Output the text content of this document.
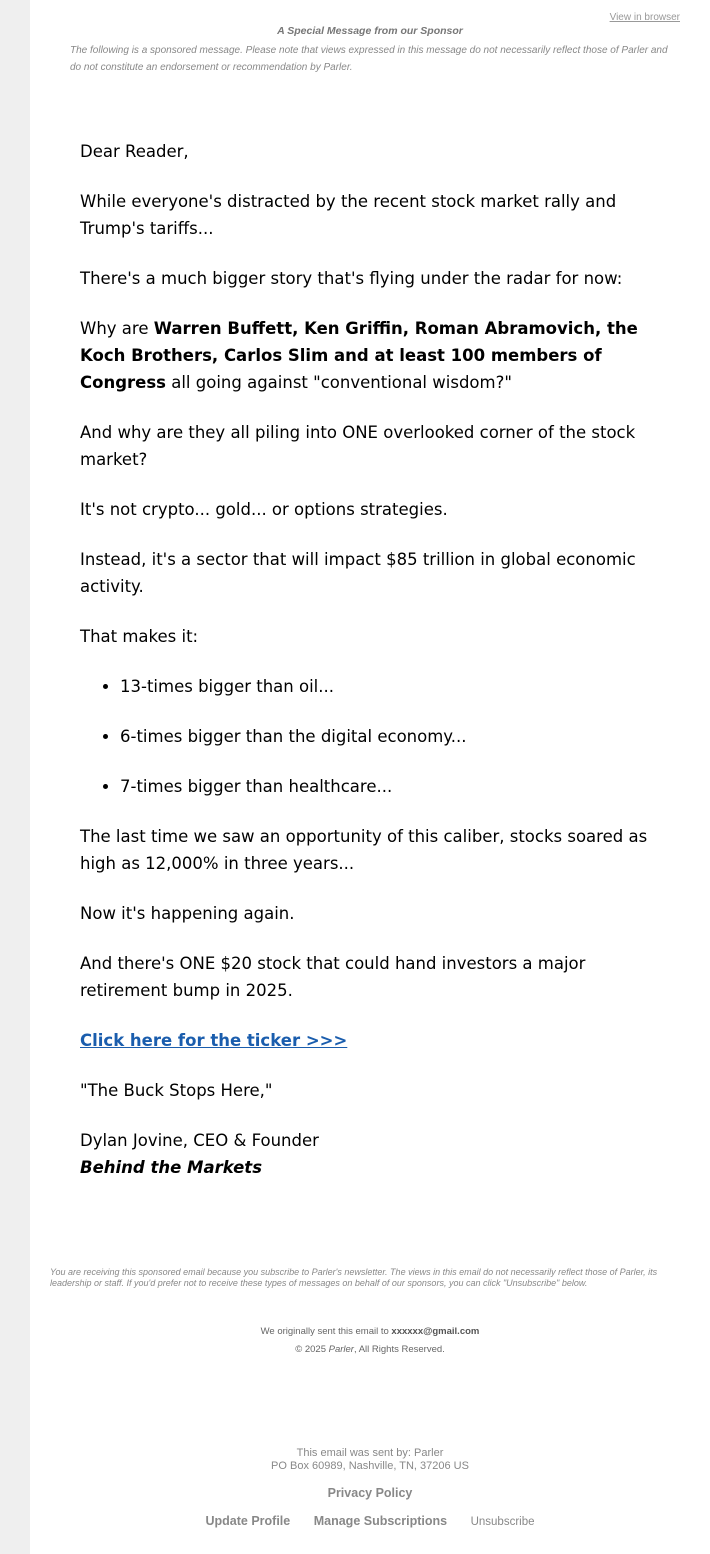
View in browser
A Special Message from our Sponsor
The following is a sponsored message. Please note that views expressed in this message do not necessarily reflect those of Parler and do not constitute an endorsement or recommendation by Parler.

Dear Reader,

While everyone's distracted by the recent stock market rally and Trump's tariffs...

There's a much bigger story that's flying under the radar for now:

Why are Warren Buffett, Ken Griffin, Roman Abramovich, the Koch Brothers, Carlos Slim and at least 100 members of Congress all going against "conventional wisdom?"

And why are they all piling into ONE overlooked corner of the stock market?

It's not crypto... gold... or options strategies.

Instead, it's a sector that will impact $85 trillion in global economic activity.

That makes it:

• 13-times bigger than oil...
• 6-times bigger than the digital economy...
• 7-times bigger than healthcare...

The last time we saw an opportunity of this caliber, stocks soared as high as 12,000% in three years...

Now it's happening again.

And there's ONE $20 stock that could hand investors a major retirement bump in 2025.

Click here for the ticker >>>

"The Buck Stops Here,"

Dylan Jovine, CEO & Founder

Behind the Markets

You are receiving this sponsored email because you subscribe to Parler's newsletter. The views in this email do not necessarily reflect those of Parler, its leadership or staff. If you'd prefer not to receive these types of messages on behalf of our sponsors, you can click "Unsubscribe" below.
We originally sent this email to xxxxxx@gmail.com
© 2025 Parler, All Rights Reserved.
This email was sent by: Parler
PO Box 60989, Nashville, TN, 37206 US
Privacy Policy
Update Profile Manage Subscriptions Unsubscribe
